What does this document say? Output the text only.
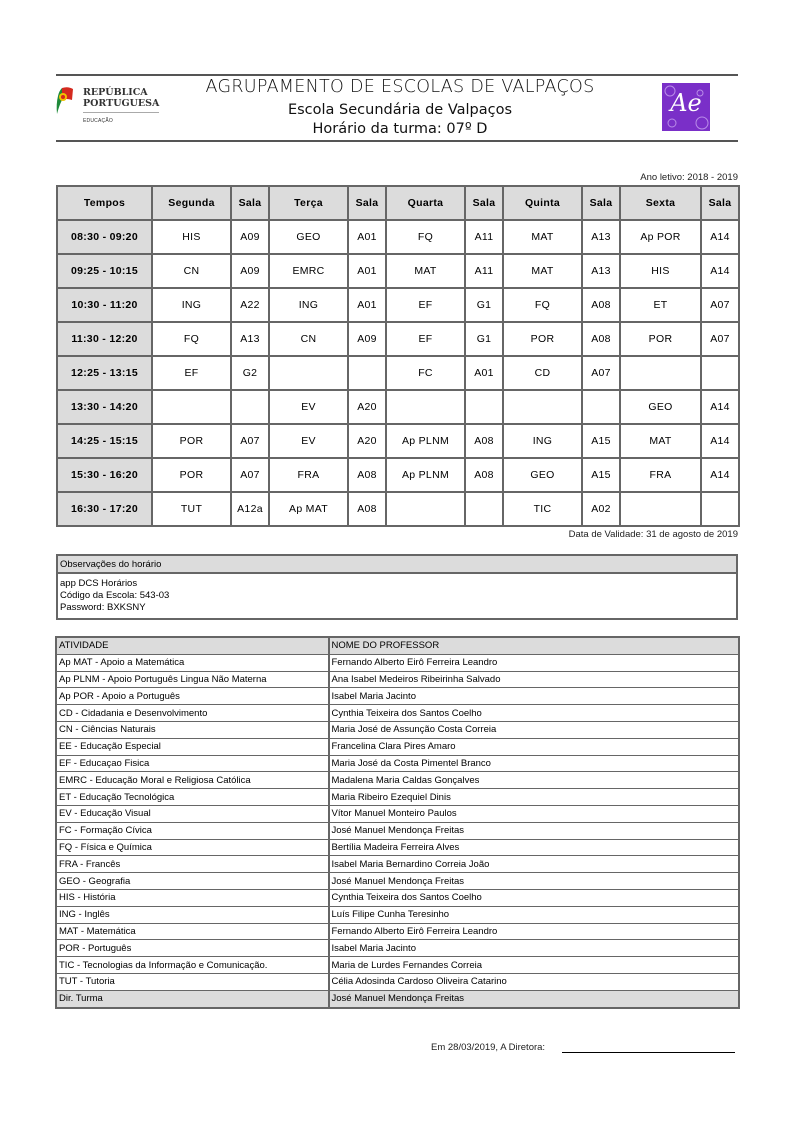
REPÚBLICA
PORTUGUESA
EDUCAÇÃO
AGRUPAMENTO DE ESCOLAS DE VALPAÇOS
Escola Secundária de Valpaços
Horário da turma: 07º D
Ae
Ano letivo: 2018 - 2019
Tempos	Segunda	Sala	Terça	Sala	Quarta	Sala	Quinta	Sala	Sexta	Sala
08:30 - 09:20	HIS	A09	GEO	A01	FQ	A11	MAT	A13	Ap POR	A14
09:25 - 10:15	CN	A09	EMRC	A01	MAT	A11	MAT	A13	HIS	A14
10:30 - 11:20	ING	A22	ING	A01	EF	G1	FQ	A08	ET	A07
11:30 - 12:20	FQ	A13	CN	A09	EF	G1	POR	A08	POR	A07
12:25 - 13:15	EF	G2			FC	A01	CD	A07		
13:30 - 14:20			EV	A20					GEO	A14
14:25 - 15:15	POR	A07	EV	A20	Ap PLNM	A08	ING	A15	MAT	A14
15:30 - 16:20	POR	A07	FRA	A08	Ap PLNM	A08	GEO	A15	FRA	A14
16:30 - 17:20	TUT	A12a	Ap MAT	A08			TIC	A02		
Data de Validade: 31 de agosto de 2019
Observações do horário
app DCS Horários
Código da Escola: 543-03
Password: BXKSNY
ATIVIDADE	NOME DO PROFESSOR
Ap MAT - Apoio a Matemática	Fernando Alberto Eirô Ferreira Leandro
Ap PLNM - Apoio Português Lingua Não Materna	Ana Isabel Medeiros Ribeirinha Salvado
Ap POR - Apoio a Português	Isabel Maria Jacinto
CD - Cidadania e Desenvolvimento	Cynthia Teixeira dos Santos Coelho
CN - Ciências Naturais	Maria José de Assunção Costa Correia
EE - Educação Especial	Francelina Clara Pires Amaro
EF - Educaçao Fisica	Maria José da Costa Pimentel Branco
EMRC - Educação Moral e Religiosa Católica	Madalena Maria Caldas Gonçalves
ET - Educação Tecnológica	Maria Ribeiro Ezequiel Dinis
EV - Educação Visual	Vítor Manuel Monteiro Paulos
FC - Formação Cívica	José Manuel Mendonça Freitas
FQ - Física e Química	Bertília Madeira Ferreira Alves
FRA - Francês	Isabel Maria Bernardino Correia João
GEO - Geografia	José Manuel Mendonça Freitas
HIS - História	Cynthia Teixeira dos Santos Coelho
ING - Inglês	Luís Filipe Cunha Teresinho
MAT - Matemática	Fernando Alberto Eirô Ferreira Leandro
POR - Português	Isabel Maria Jacinto
TIC - Tecnologias da Informação e Comunicação.	Maria de Lurdes Fernandes Correia
TUT - Tutoria	Célia Adosinda Cardoso Oliveira Catarino
Dir. Turma	José Manuel Mendonça Freitas
Em 28/03/2019, A Diretora:
